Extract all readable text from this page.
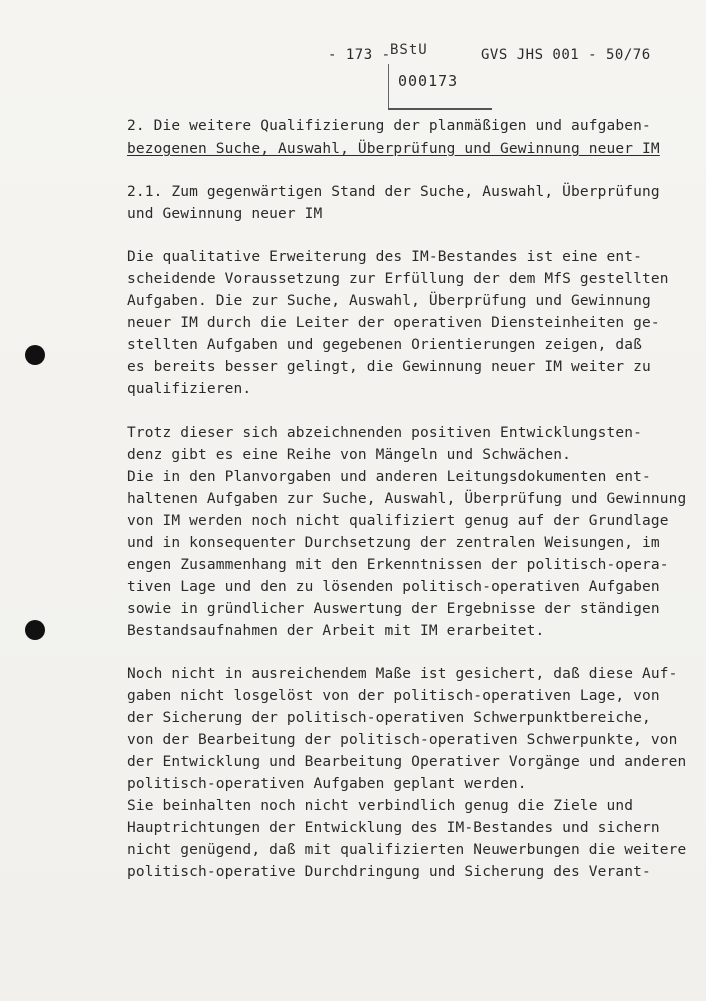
- 173 -	GVS JHS 001 - 50/76
BStU
000173
2. Die weitere Qualifizierung der planmäßigen und aufgaben-
bezogenen Suche, Auswahl, Überprüfung und Gewinnung neuer IM
2.1. Zum gegenwärtigen Stand der Suche, Auswahl, Überprüfung
und Gewinnung neuer IM
Die qualitative Erweiterung des IM-Bestandes ist eine ent-
scheidende Voraussetzung zur Erfüllung der dem MfS gestellten
Aufgaben. Die zur Suche, Auswahl, Überprüfung und Gewinnung
neuer IM durch die Leiter der operativen Diensteinheiten ge-
stellten Aufgaben und gegebenen Orientierungen zeigen, daß
es bereits besser gelingt, die Gewinnung neuer IM weiter zu
qualifizieren.
Trotz dieser sich abzeichnenden positiven Entwicklungsten-
denz gibt es eine Reihe von Mängeln und Schwächen.
Die in den Planvorgaben und anderen Leitungsdokumenten ent-
haltenen Aufgaben zur Suche, Auswahl, Überprüfung und Gewinnung
von IM werden noch nicht qualifiziert genug auf der Grundlage
und in konsequenter Durchsetzung der zentralen Weisungen, im
engen Zusammenhang mit den Erkenntnissen der politisch-opera-
tiven Lage und den zu lösenden politisch-operativen Aufgaben
sowie in gründlicher Auswertung der Ergebnisse der ständigen
Bestandsaufnahmen der Arbeit mit IM erarbeitet.
Noch nicht in ausreichendem Maße ist gesichert, daß diese Auf-
gaben nicht losgelöst von der politisch-operativen Lage, von
der Sicherung der politisch-operativen Schwerpunktbereiche,
von der Bearbeitung der politisch-operativen Schwerpunkte, von
der Entwicklung und Bearbeitung Operativer Vorgänge und anderen
politisch-operativen Aufgaben geplant werden.
Sie beinhalten noch nicht verbindlich genug die Ziele und
Hauptrichtungen der Entwicklung des IM-Bestandes und sichern
nicht genügend, daß mit qualifizierten Neuwerbungen die weitere
politisch-operative Durchdringung und Sicherung des Verant-
